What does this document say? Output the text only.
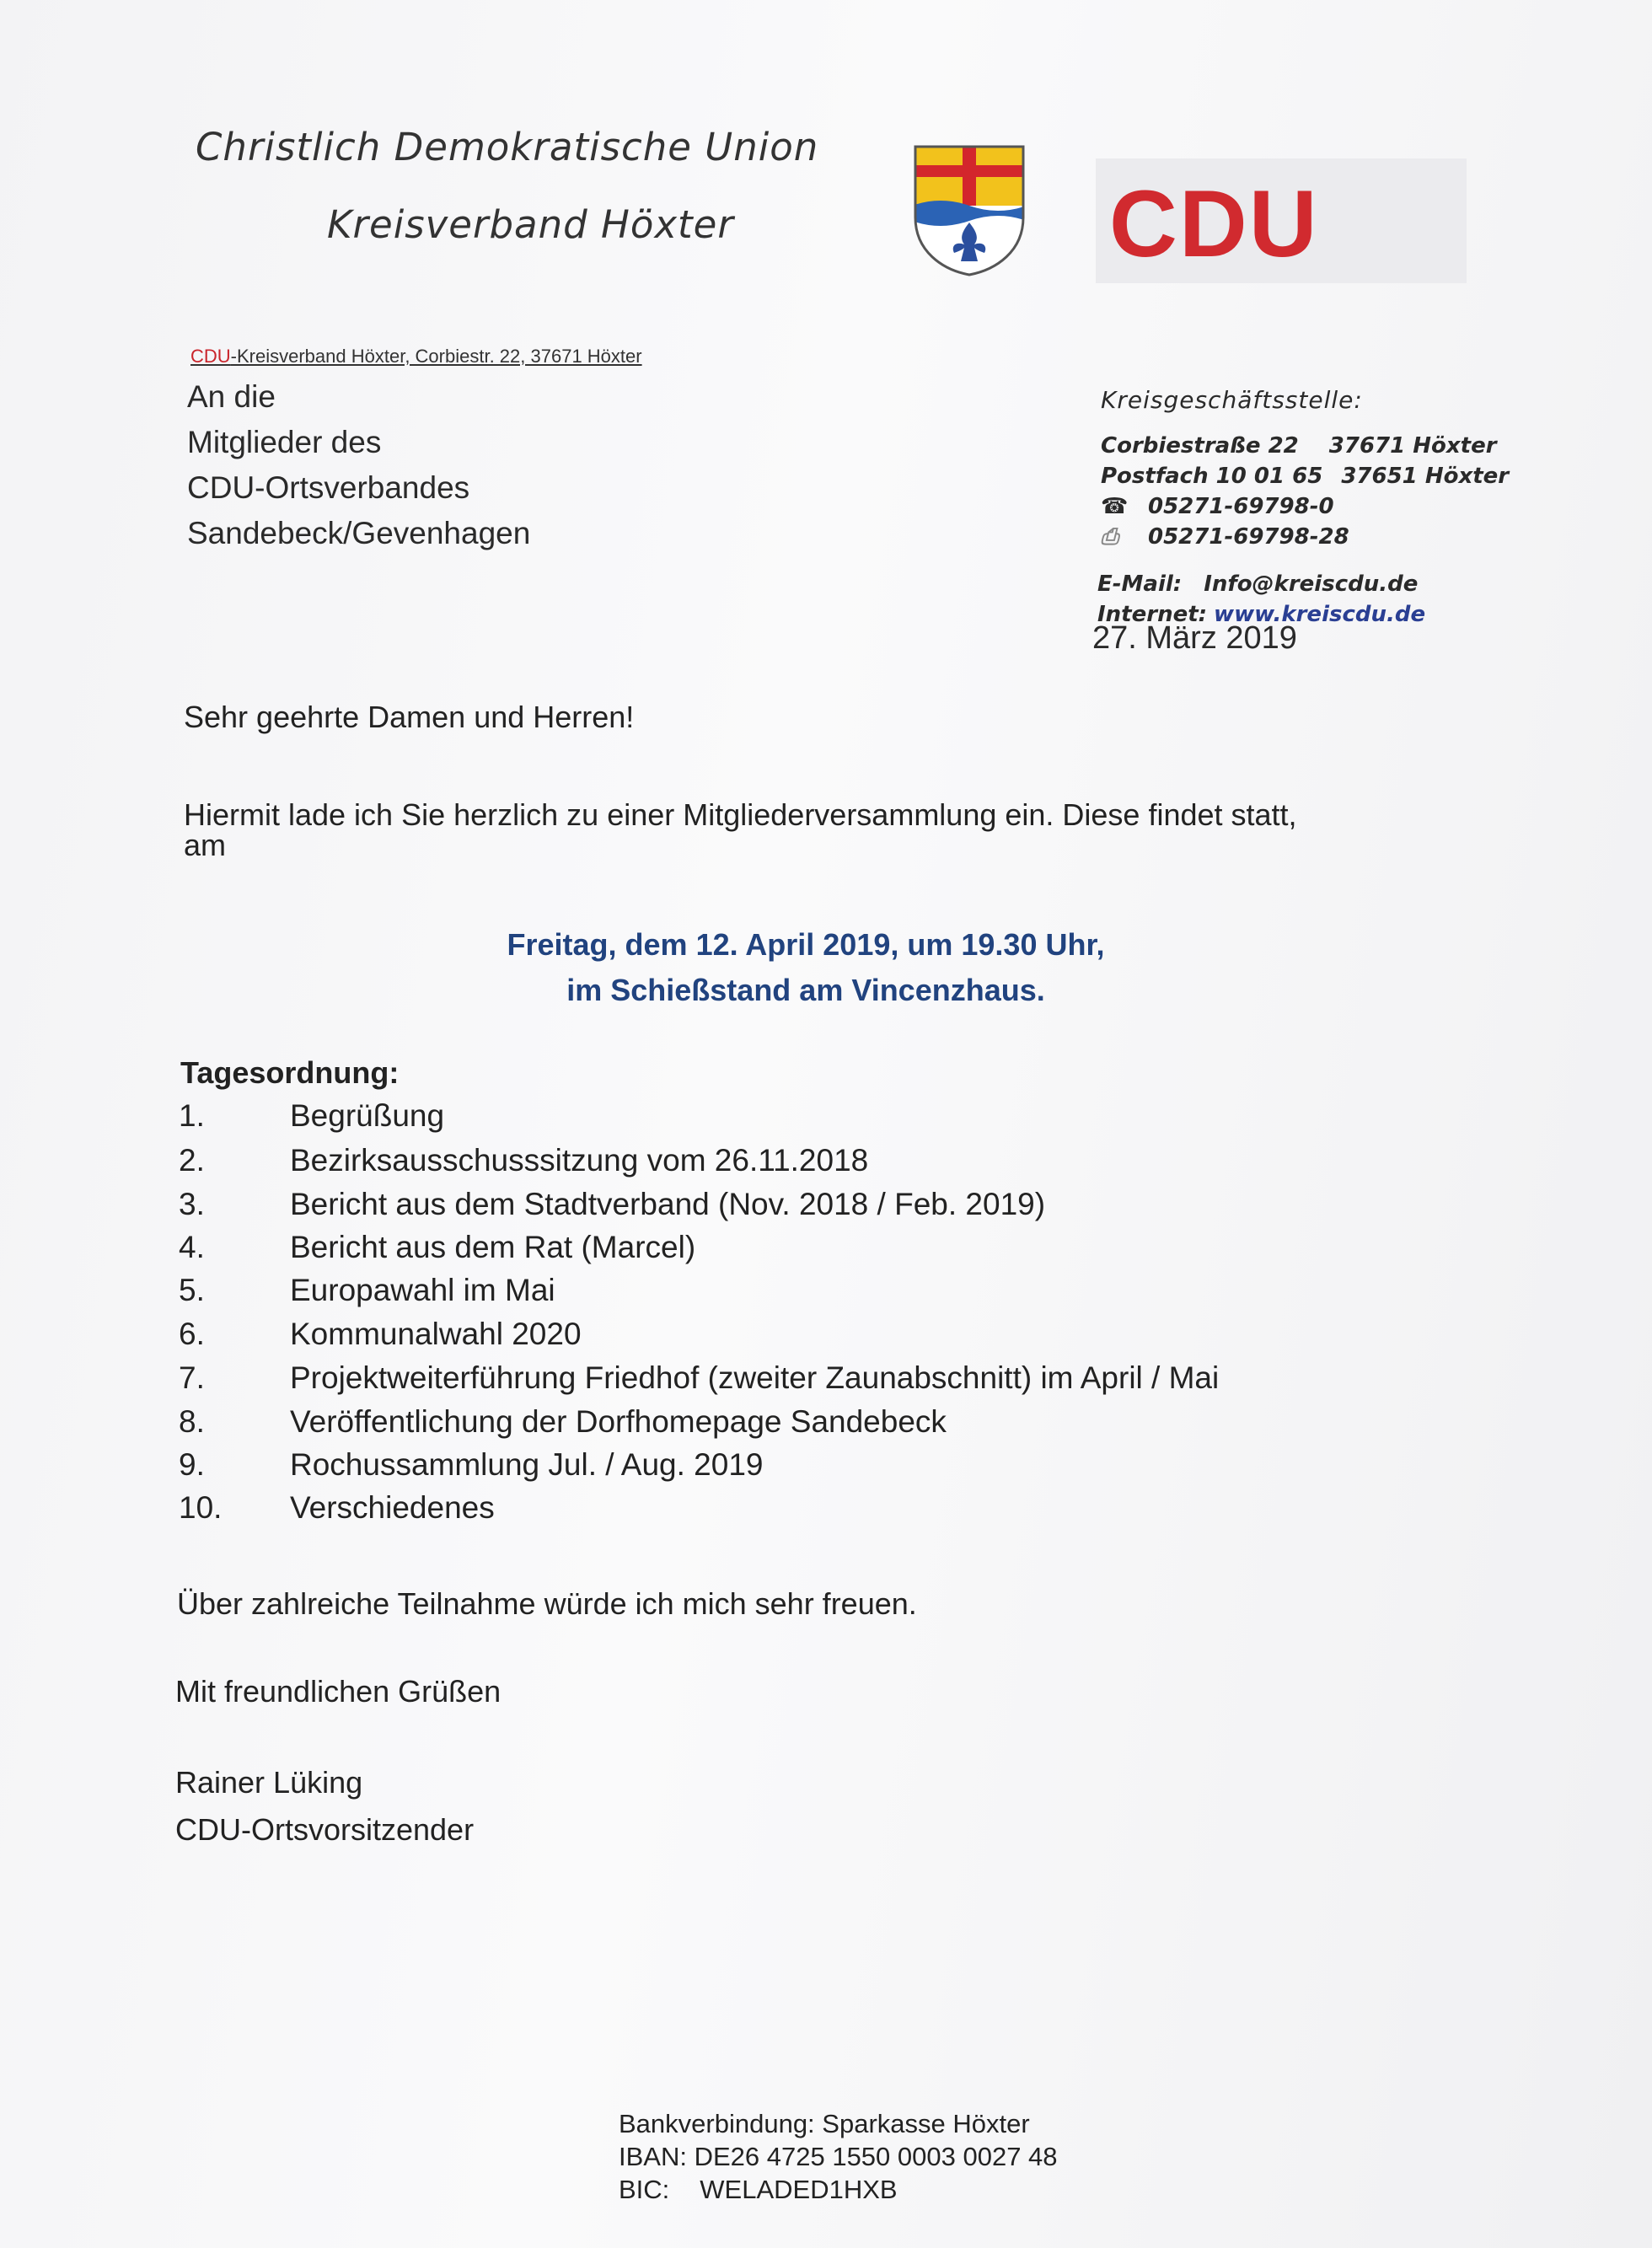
Christlich Demokratische Union
Kreisverband Höxter	CDU
CDU-Kreisverband Höxter, Corbiestr. 22, 37671 Höxter
An die
Mitglieder des
CDU-Ortsverbandes
Sandebeck/Gevenhagen
Kreisgeschäftsstelle:
Corbiestraße 22 37671 Höxter
Postfach 10 01 65 37651 Höxter
☎ 05271-69798-0
⎙ 05271-69798-28
E-Mail: Info@kreiscdu.de
Internet: www.kreiscdu.de
27. März 2019
Sehr geehrte Damen und Herren!
Hiermit lade ich Sie herzlich zu einer Mitgliederversammlung ein. Diese findet statt,
am
Freitag, dem 12. April 2019, um 19.30 Uhr,
im Schießstand am Vincenzhaus.
Tagesordnung:
1.	Begrüßung
2.	Bezirksausschusssitzung vom 26.11.2018
3.	Bericht aus dem Stadtverband (Nov. 2018 / Feb. 2019)
4.	Bericht aus dem Rat (Marcel)
5.	Europawahl im Mai
6.	Kommunalwahl 2020
7.	Projektweiterführung Friedhof (zweiter Zaunabschnitt) im April / Mai
8.	Veröffentlichung der Dorfhomepage Sandebeck
9.	Rochussammlung Jul. / Aug. 2019
10. Verschiedenes
Über zahlreiche Teilnahme würde ich mich sehr freuen.
Mit freundlichen Grüßen
Rainer Lüking
CDU-Ortsvorsitzender
Bankverbindung: Sparkasse Höxter
IBAN: DE26 4725 1550 0003 0027 48
BIC: WELADED1HXB
